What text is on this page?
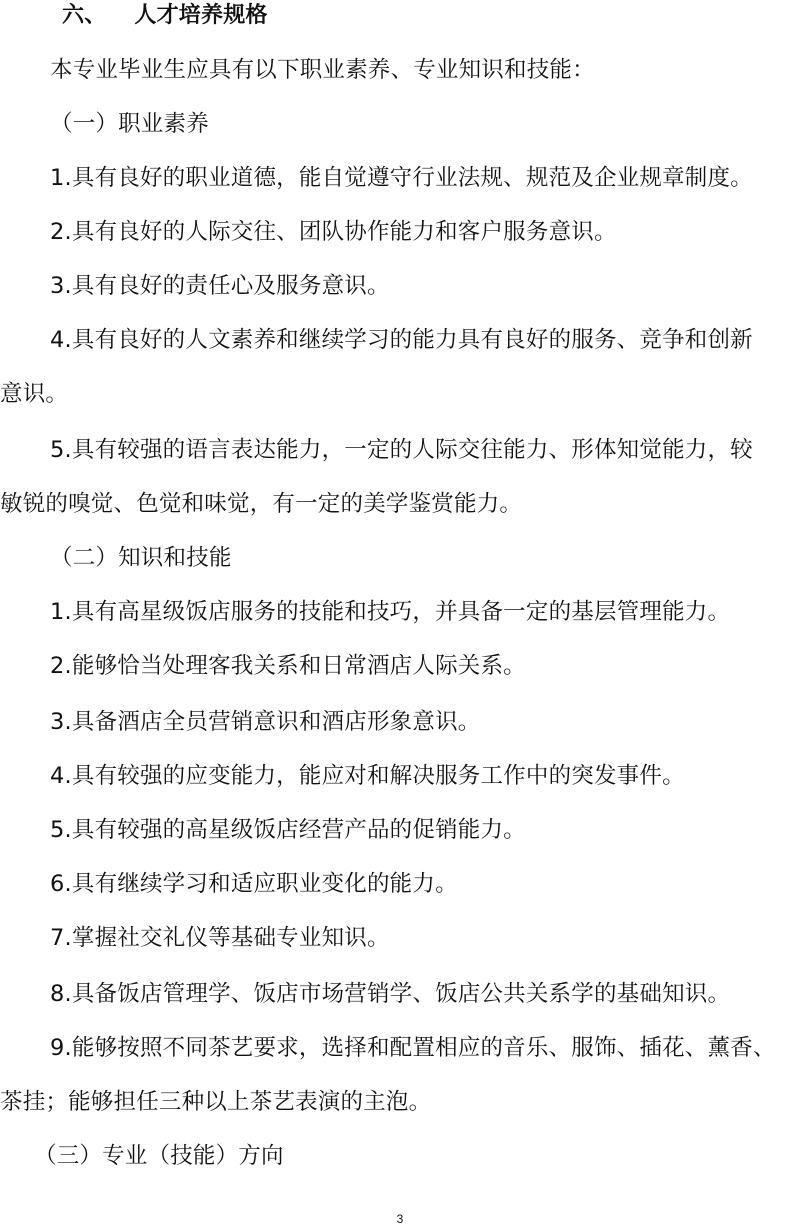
六、 人才培养规格
本专业毕业生应具有以下职业素养、专业知识和技能：
（一）职业素养
1.具有良好的职业道德，能自觉遵守行业法规、规范及企业规章制度。
2.具有良好的人际交往、团队协作能力和客户服务意识。
3.具有良好的责任心及服务意识。
4.具有良好的人文素养和继续学习的能力具有良好的服务、竞争和创新
意识。
5.具有较强的语言表达能力，一定的人际交往能力、形体知觉能力，较
敏锐的嗅觉、色觉和味觉，有一定的美学鉴赏能力。
（二）知识和技能
1.具有高星级饭店服务的技能和技巧，并具备一定的基层管理能力。
2.能够恰当处理客我关系和日常酒店人际关系。
3.具备酒店全员营销意识和酒店形象意识。
4.具有较强的应变能力，能应对和解决服务工作中的突发事件。
5.具有较强的高星级饭店经营产品的促销能力。
6.具有继续学习和适应职业变化的能力。
7.掌握社交礼仪等基础专业知识。
8.具备饭店管理学、饭店市场营销学、饭店公共关系学的基础知识。
9.能够按照不同茶艺要求，选择和配置相应的音乐、服饰、插花、薰香、
茶挂；能够担任三种以上茶艺表演的主泡。
（三）专业（技能）方向
3
